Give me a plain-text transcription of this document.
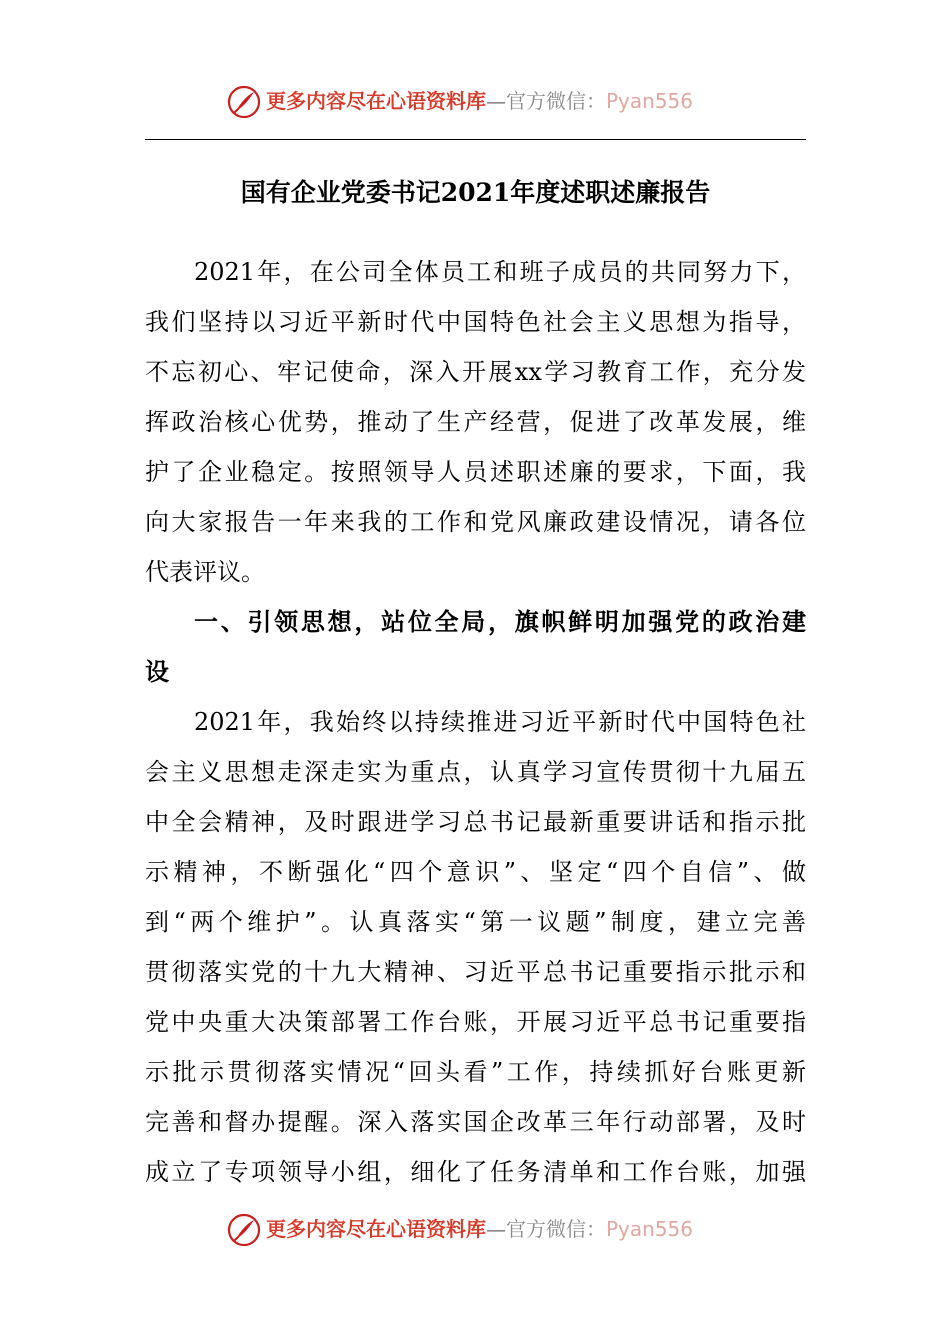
更多内容尽在心语资料库—官方微信：Pyan556
国有企业党委书记2021年度述职述廉报告
2021年，在公司全体员工和班子成员的共同努力下，
我们坚持以习近平新时代中国特色社会主义思想为指导，
不忘初心、牢记使命，深入开展xx学习教育工作，充分发
挥政治核心优势，推动了生产经营，促进了改革发展，维
护了企业稳定。按照领导人员述职述廉的要求，下面，我
向大家报告一年来我的工作和党风廉政建设情况，请各位
代表评议。
一、引领思想，站位全局，旗帜鲜明加强党的政治建
设
2021年，我始终以持续推进习近平新时代中国特色社
会主义思想走深走实为重点，认真学习宣传贯彻十九届五
中全会精神，及时跟进学习总书记最新重要讲话和指示批
示精神，不断强化“四个意识”、坚定“四个自信”、做
到“两个维护”。认真落实“第一议题”制度，建立完善
贯彻落实党的十九大精神、习近平总书记重要指示批示和
党中央重大决策部署工作台账，开展习近平总书记重要指
示批示贯彻落实情况“回头看”工作，持续抓好台账更新
完善和督办提醒。深入落实国企改革三年行动部署，及时
成立了专项领导小组，细化了任务清单和工作台账，加强
更多内容尽在心语资料库—官方微信：Pyan556
